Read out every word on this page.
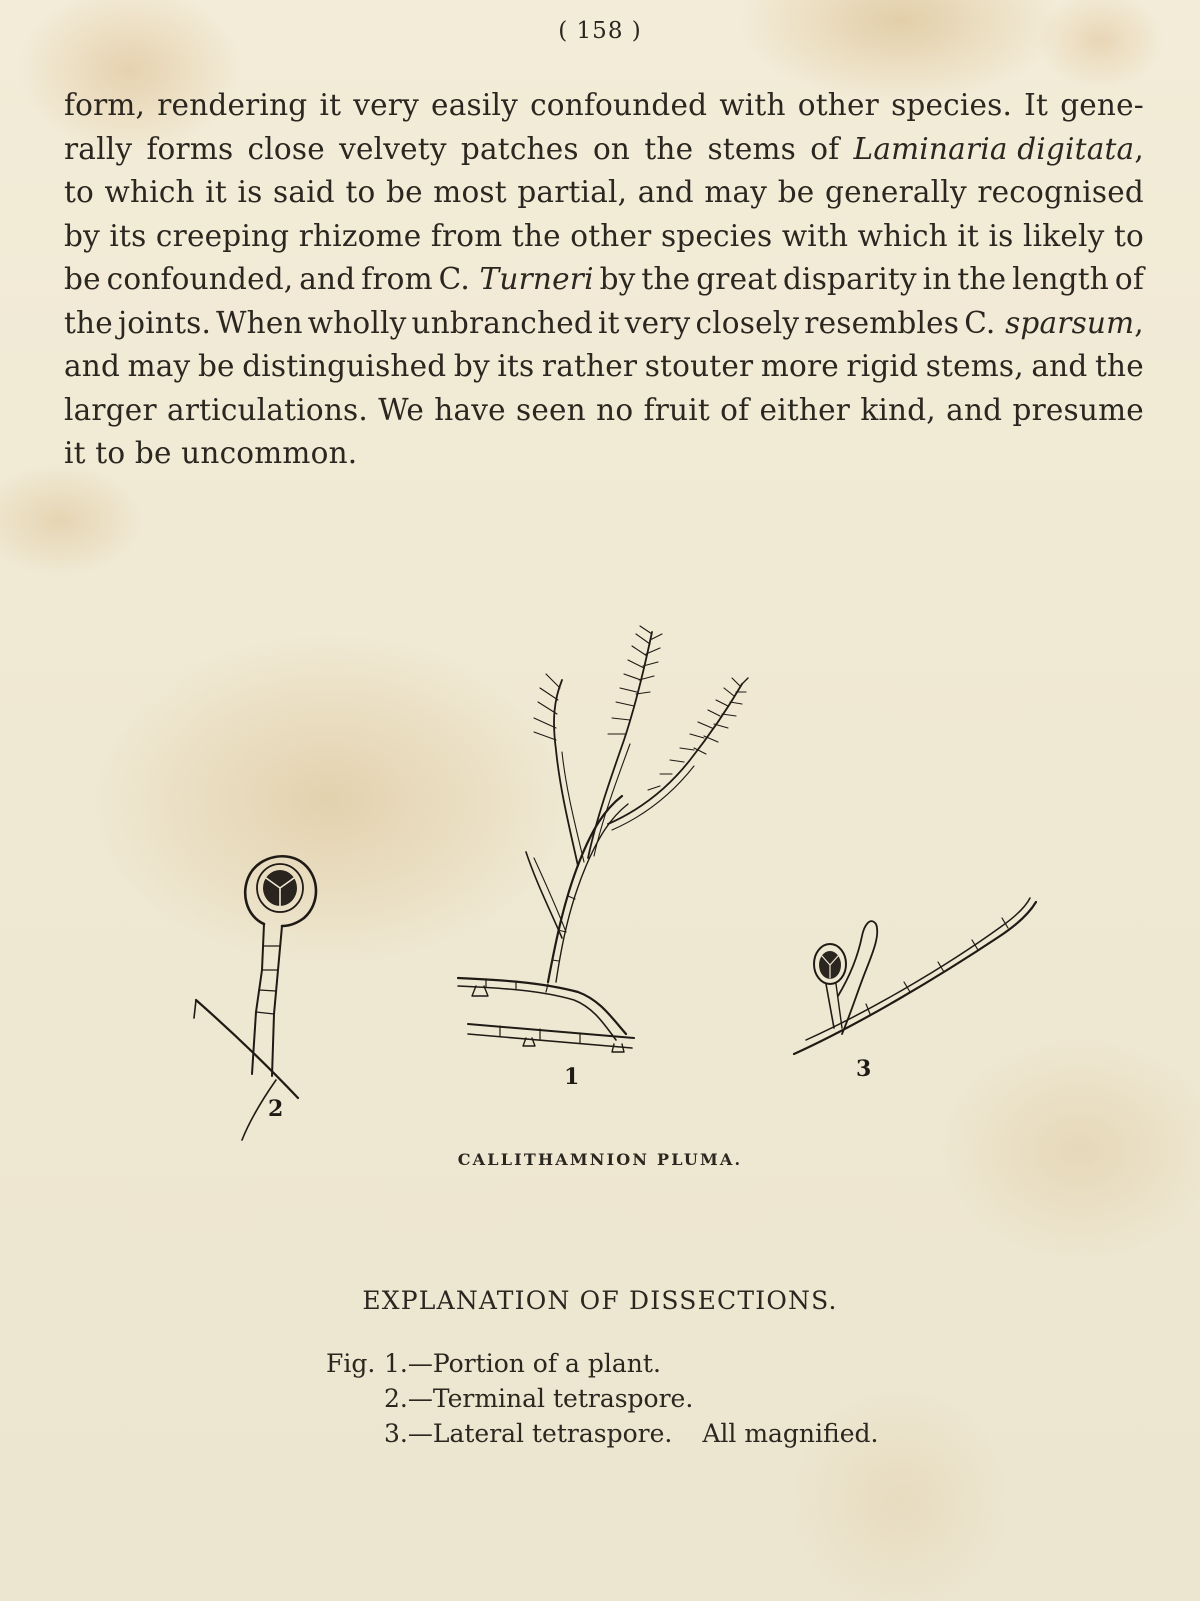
( 158 )
form, rendering it very easily confounded with other species. It gene-
rally forms close velvety patches on the stems of Laminaria digitata,
to which it is said to be most partial, and may be generally recognised
by its creeping rhizome from the other species with which it is likely to
be confounded, and from C. Turneri by the great disparity in the length of
the joints. When wholly unbranched it very closely resembles C. sparsum,
and may be distinguished by its rather stouter more rigid stems, and the
larger articulations. We have seen no fruit of either kind, and presume
it to be uncommon.
1
2
3
CALLITHAMNION PLUMA.
EXPLANATION OF DISSECTIONS.
Fig. 1.—Portion of a plant.
2.—Terminal tetraspore.
3.—Lateral tetraspore. All magnified.
